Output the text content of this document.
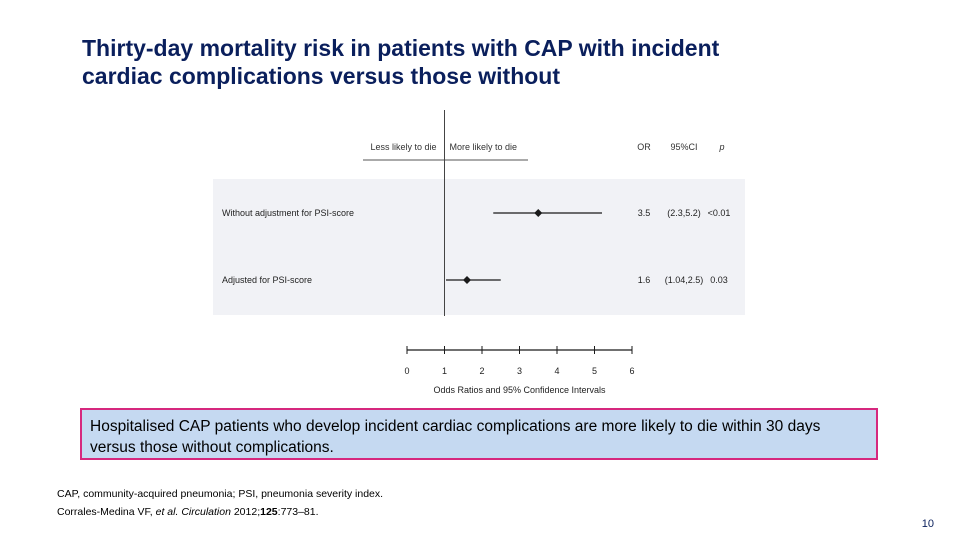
Thirty-day mortality risk in patients with CAP with incident
cardiac complications versus those without
Less likely to die More likely to die	OR 95%CI p
Without adjustment for PSI-score	3.5 (2.3,5.2) <0.01
Adjusted for PSI-score	1.6 (1.04,2.5) 0.03
0	1	2	3	4	5	6
Odds Ratios and 95% Confidence Intervals
Hospitalised CAP patients who develop incident cardiac complications are more likely to die within 30 days versus those without complications.
CAP, community-acquired pneumonia; PSI, pneumonia severity index.
Corrales-Medina VF, et al. Circulation 2012;125:773–81.
10
